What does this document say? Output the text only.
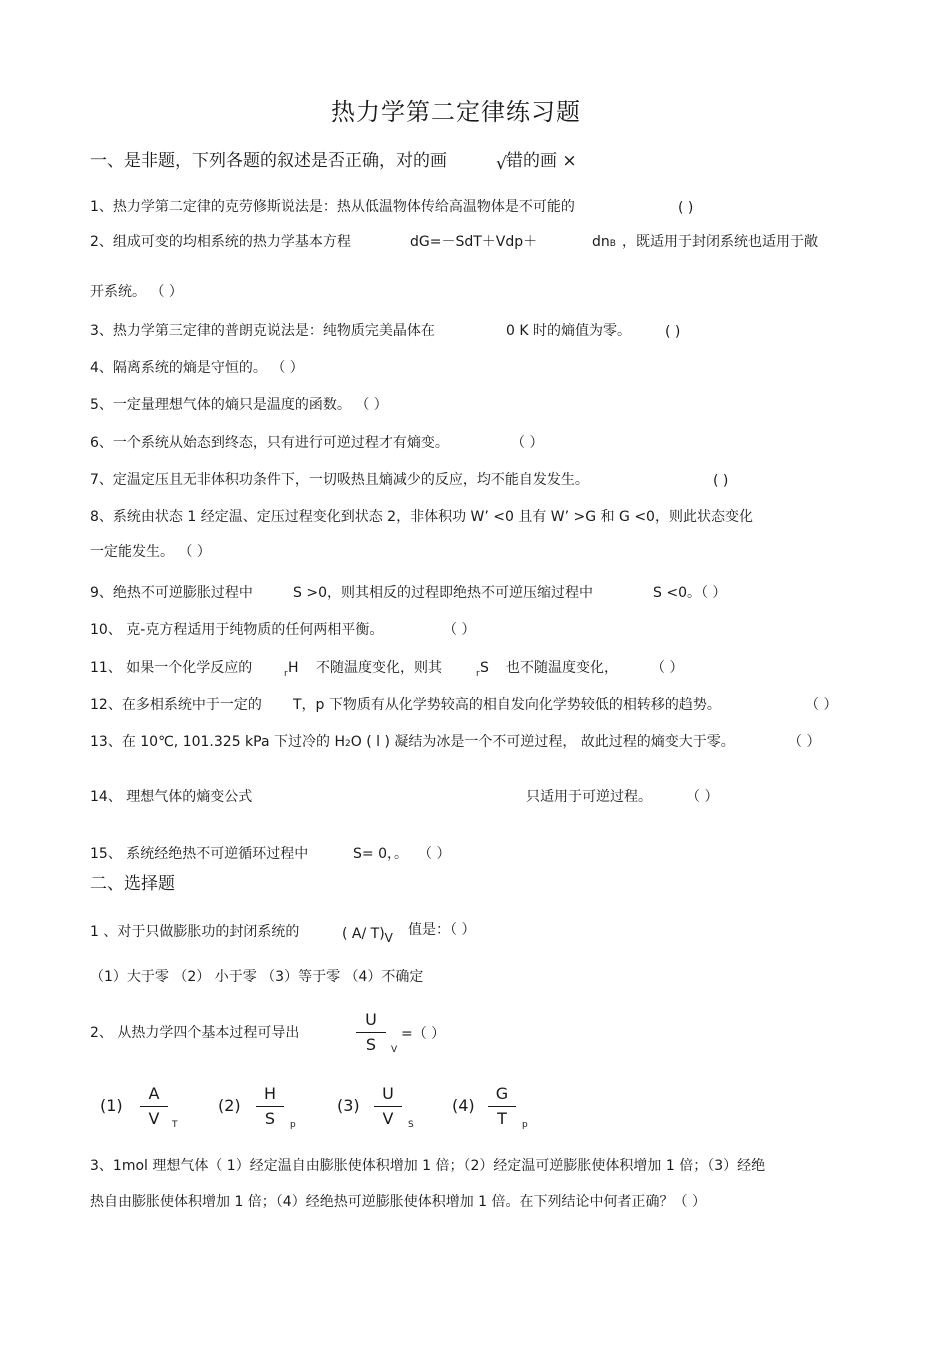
热力学第二定律练习题
一、是非题，下列各题的叙述是否正确，对的画	√ 错的画 ×
1、热力学第二定律的克劳修斯说法是：热从低温物体传给高温物体是不可能的	( )
2、组成可变的均相系统的热力学基本方程	dG=－SdT＋Vdp＋	dnB ，既适用于封闭系统也适用于敞
开系统。 （ ）
3、热力学第三定律的普朗克说法是：纯物质完美晶体在	0 K 时的熵值为零。 ( )
4、隔离系统的熵是守恒的。 （ ）
5、一定量理想气体的熵只是温度的函数。 （ ）
6、一个系统从始态到终态，只有进行可逆过程才有熵变。	（ ）
7、定温定压且无非体积功条件下，一切吸热且熵减少的反应，均不能自发发生。	( )
8、系统由状态 1 经定温、定压过程变化到状态 2，非体积功 W’ <0 且有 W’ >G 和 G <0，则此状态变化
一定能发生。 （ ）
9、绝热不可逆膨胀过程中	S >0，则其相反的过程即绝热不可逆压缩过程中	S <0。（ ）
10、 克-克方程适用于纯物质的任何两相平衡。	（ ）
11、 如果一个化学反应的	r H 不随温度变化，则其	r S 也不随温度变化， （ ）
12、在多相系统中于一定的 T，p 下物质有从化学势较高的相自发向化学势较低的相转移的趋势。	（ ）
13、在 10℃, 101.325 kPa 下过冷的 H2O ( l ) 凝结为冰是一个不可逆过程， 故此过程的熵变大于零。	（ ）
14、 理想气体的熵变公式	只适用于可逆过程。 （ ）
15、 系统经绝热不可逆循环过程中	S= 0，。 （ ）
二、选择题
1 、对于只做膨胀功的封闭系统的	( A/ T)V 值是：（ ）
（1）大于零 （2） 小于零 （3）等于零 （4）不确定
2、 从热力学四个基本过程可导出
U
S	V
=（ ）
(1)
A
V	T
(2)
H
S	p
(3)
U
V	S
(4)
G
T	p
3、1mol 理想气体（ 1）经定温自由膨胀使体积增加 1 倍；（2）经定温可逆膨胀使体积增加 1 倍；（3）经绝
热自由膨胀使体积增加 1 倍；（4）经绝热可逆膨胀使体积增加 1 倍。在下列结论中何者正确？（ ）
